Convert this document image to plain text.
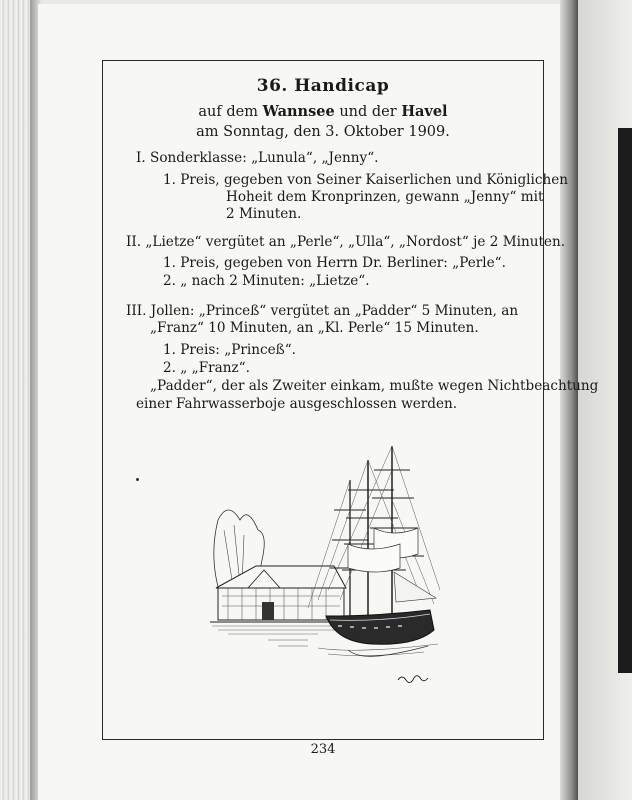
36. Handicap
auf dem Wannsee und der Havel
am Sonntag, den 3. Oktober 1909.
I. Sonderklasse: „Lunula“, „Jenny“.
1. Preis, gegeben von Seiner Kaiserlichen und Königlichen
Hoheit dem Kronprinzen, gewann „Jenny“ mit
2 Minuten.
II. „Lietze“ vergütet an „Perle“, „Ulla“, „Nordost“ je 2 Minuten.
1. Preis, gegeben von Herrn Dr. Berliner: „Perle“.
2. „ nach 2 Minuten: „Lietze“.
III. Jollen: „Princeß“ vergütet an „Padder“ 5 Minuten, an
„Franz“ 10 Minuten, an „Kl. Perle“ 15 Minuten.
1. Preis: „Princeß“.
2. „ „Franz“.
„Padder“, der als Zweiter einkam, mußte wegen Nichtbeachtung
einer Fahrwasserboje ausgeschlossen werden.
234
